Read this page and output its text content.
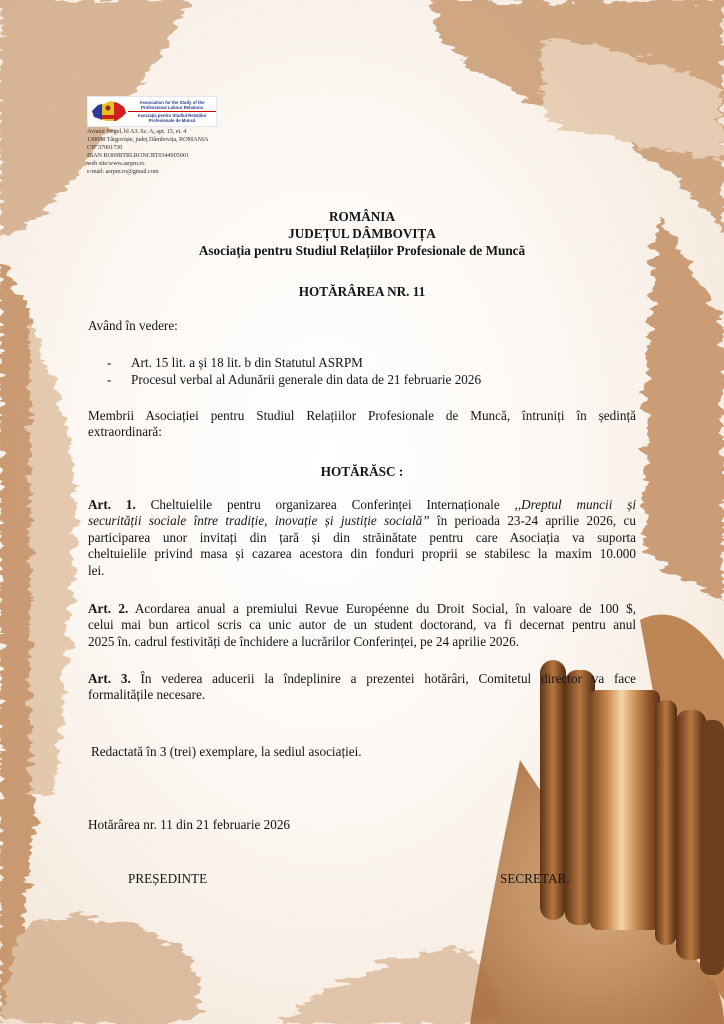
Association for the Study of the Professional Labour Relations
Asociația pentru Studiul Relațiilor Profesionale de Muncă
Aviator Negel, bl A3. Sc. A, apt. 15, et. 4
130050 Târgoviște, judeţ Dâmbovița, ROMANIA
CIF 37001730
IBAN RO69BTRLRONCRT0344905001
web site:www.asrpm.ro
e-mail: asrpm.ro@gmail.com
ROMÂNIA
JUDEȚUL DÂMBOVIȚA
Asociația pentru Studiul Relațiilor Profesionale de Muncă
HOTĂRÂREA NR. 11
Având în vedere:
- Art. 15 lit. a și 18 lit. b din Statutul ASRPM
- Procesul verbal al Adunării generale din data de 21 februarie 2026
Membrii Asociației pentru Studiul Relațiilor Profesionale de Muncă, întruniți în ședință
extraordinară:
HOTĂRĂSC :
Art. 1. Cheltuielile pentru organizarea Conferinței Internaționale ,,Dreptul muncii și
securității sociale între tradiție, inovație și justiție socială” în perioada 23-24 aprilie 2026, cu
participarea unor invitați din țară și din străinătate pentru care Asociația va suporta
cheltuielile privind masa și cazarea acestora din fonduri proprii se stabilesc la maxim 10.000
lei.
Art. 2. Acordarea anual a premiului Revue Européenne du Droit Social, în valoare de 100 $,
celui mai bun articol scris ca unic autor de un student doctorand, va fi decernat pentru anul
2025 în. cadrul festivități de închidere a lucrărilor Conferinței, pe 24 aprilie 2026.
Art. 3. În vederea aducerii la îndeplinire a prezentei hotărâri, Comitetul director va face
formalitățile necesare.
Redactată în 3 (trei) exemplare, la sediul asociației.
Hotărârea nr. 11 din 21 februarie 2026
PREȘEDINTE	SECRETAR.
